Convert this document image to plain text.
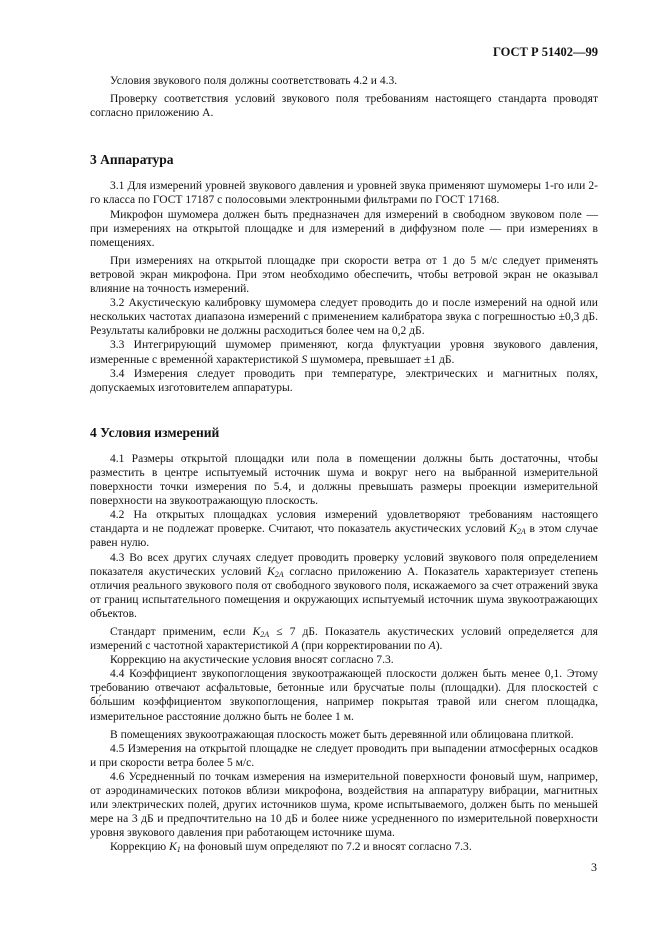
ГОСТ Р 51402—99

Условия звукового поля должны соответствовать 4.2 и 4.3.

Проверку соответствия условий звукового поля требованиям настоящего стандарта проводят согласно приложению А.

3 Аппаратура

3.1 Для измерений уровней звукового давления и уровней звука применяют шумомеры 1-го или 2-го класса по ГОСТ 17187 с полосовыми электронными фильтрами по ГОСТ 17168.

Микрофон шумомера должен быть предназначен для измерений в свободном звуковом поле — при измерениях на открытой площадке и для измерений в диффузном поле — при измерениях в помещениях.

При измерениях на открытой площадке при скорости ветра от 1 до 5 м/с следует применять ветровой экран микрофона. При этом необходимо обеспечить, чтобы ветровой экран не оказывал влияние на точность измерений.

3.2 Акустическую калибровку шумомера следует проводить до и после измерений на одной или нескольких частотах диапазона измерений с применением калибратора звука с погрешностью ±0,3 дБ. Результаты калибровки не должны расходиться более чем на 0,2 дБ.

3.3 Интегрирующий шумомер применяют, когда флуктуации уровня звукового давления, измеренные с временно́й характеристикой S шумомера, превышает ±1 дБ.

3.4 Измерения следует проводить при температуре, электрических и магнитных полях, допускаемых изготовителем аппаратуры.

4 Условия измерений

4.1 Размеры открытой площадки или пола в помещении должны быть достаточны, чтобы разместить в центре испытуемый источник шума и вокруг него на выбранной измерительной поверхности точки измерения по 5.4, и должны превышать размеры проекции измерительной поверхности на звукоотражающую плоскость.

4.2 На открытых площадках условия измерений удовлетворяют требованиям настоящего стандарта и не подлежат проверке. Считают, что показатель акустических условий $K_{2A}$ в этом случае равен нулю.

4.3 Во всех других случаях следует проводить проверку условий звукового поля определением показателя акустических условий $K_{2A}$ согласно приложению А. Показатель характеризует степень отличия реального звукового поля от свободного звукового поля, искажаемого за счет отражений звука от границ испытательного помещения и окружающих испытуемый источник шума звукоотражающих объектов.

Стандарт применим, если $K_{2A} \le 7$ дБ. Показатель акустических условий определяется для измерений с частотной характеристикой A (при корректировании по A).

Коррекцию на акустические условия вносят согласно 7.3.

4.4 Коэффициент звукопоглощения звукоотражающей плоскости должен быть менее 0,1. Этому требованию отвечают асфальтовые, бетонные или брусчатые полы (площадки). Для плоскостей с бо́льшим коэффициентом звукопоглощения, например покрытая травой или снегом площадка, измерительное расстояние должно быть не более 1 м.

В помещениях звукоотражающая плоскость может быть деревянной или облицована плиткой.

4.5 Измерения на открытой площадке не следует проводить при выпадении атмосферных осадков и при скорости ветра более 5 м/с.

4.6 Усредненный по точкам измерения на измерительной поверхности фоновый шум, например, от аэродинамических потоков вблизи микрофона, воздействия на аппаратуру вибрации, магнитных или электрических полей, других источников шума, кроме испытываемого, должен быть по меньшей мере на 3 дБ и предпочтительно на 10 дБ и более ниже усредненного по измерительной поверхности уровня звукового давления при работающем источнике шума.

Коррекцию $K_1$ на фоновый шум определяют по 7.2 и вносят согласно 7.3.

3
